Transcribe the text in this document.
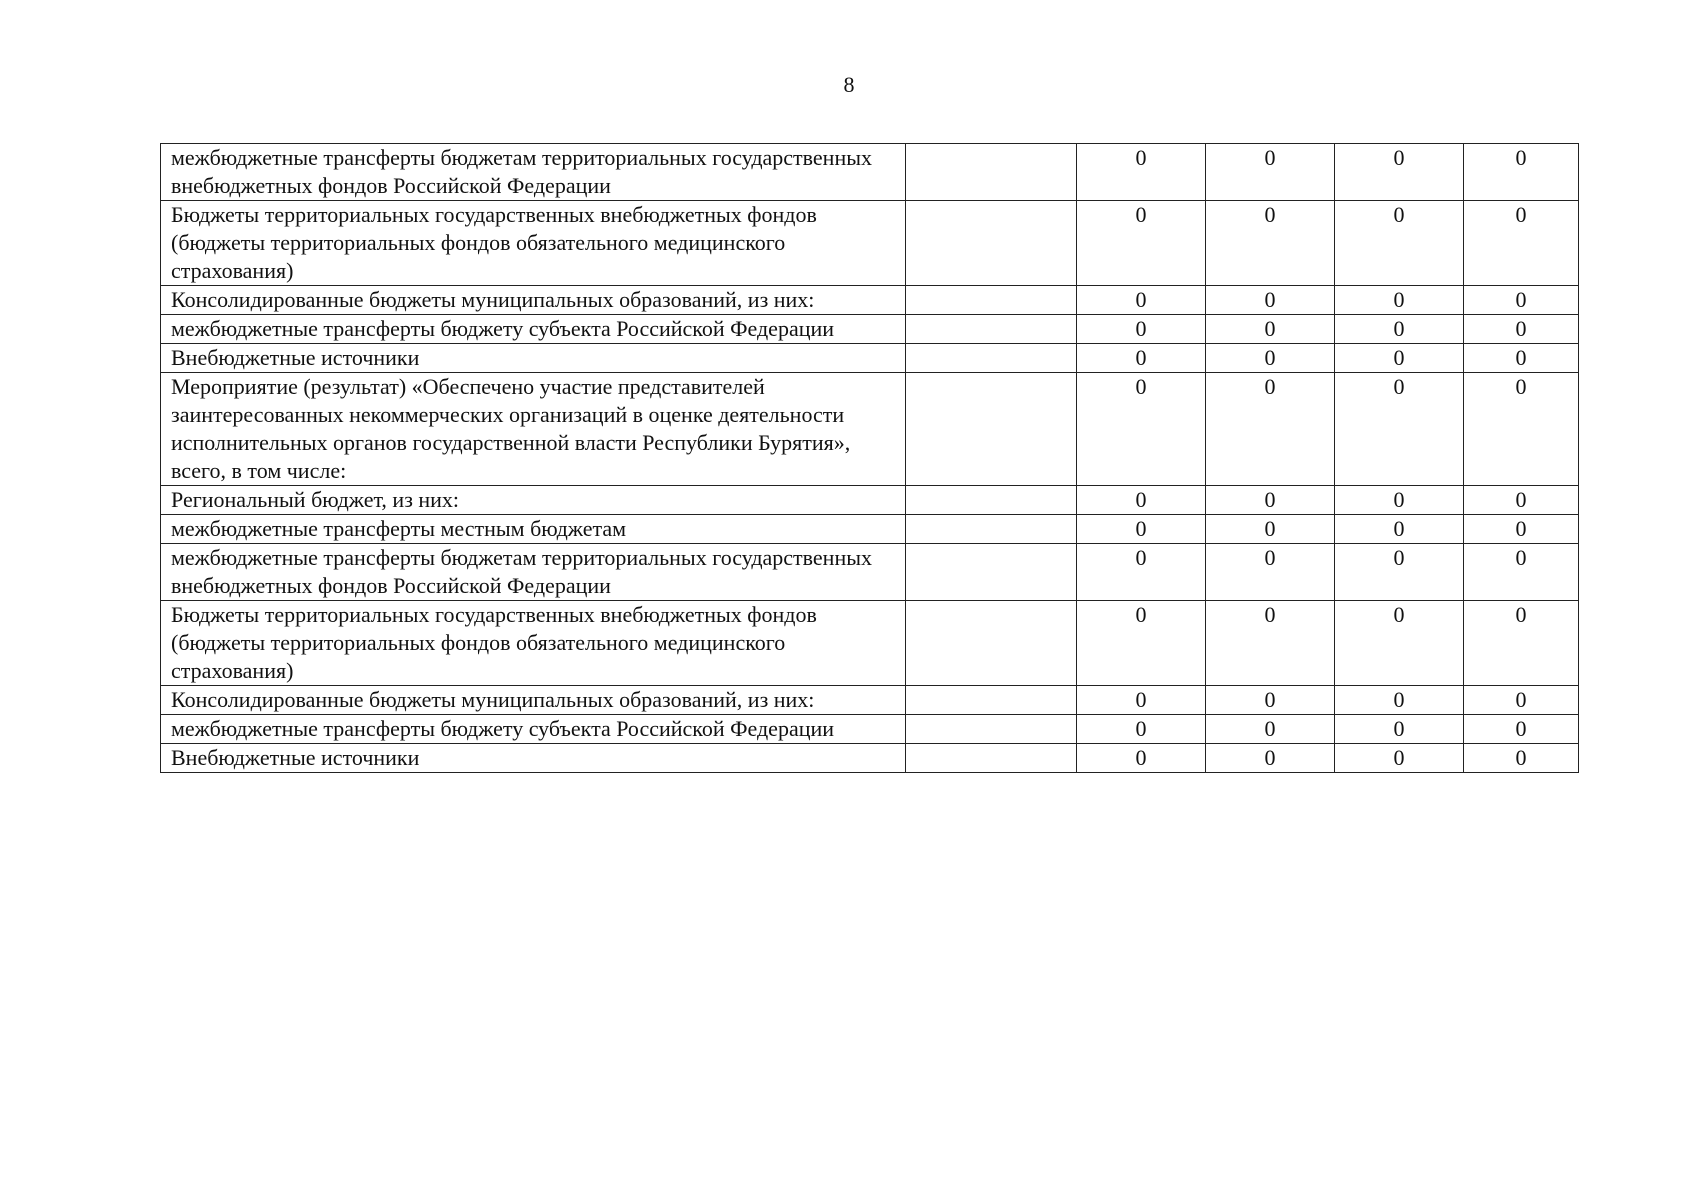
8
межбюджетные трансферты бюджетам территориальных государственных внебюджетных фондов Российской Федерации		0	0	0	0
Бюджеты территориальных государственных внебюджетных фондов (бюджеты территориальных фондов обязательного медицинского страхования)		0	0	0	0
Консолидированные бюджеты муниципальных образований, из них:		0	0	0	0
межбюджетные трансферты бюджету субъекта Российской Федерации		0	0	0	0
Внебюджетные источники		0	0	0	0
Мероприятие (результат) «Обеспечено участие представителей заинтересованных некоммерческих организаций в оценке деятельности исполнительных органов государственной власти Республики Бурятия», всего, в том числе:		0	0	0	0
Региональный бюджет, из них:		0	0	0	0
межбюджетные трансферты местным бюджетам		0	0	0	0
межбюджетные трансферты бюджетам территориальных государственных внебюджетных фондов Российской Федерации		0	0	0	0
Бюджеты территориальных государственных внебюджетных фондов (бюджеты территориальных фондов обязательного медицинского страхования)		0	0	0	0
Консолидированные бюджеты муниципальных образований, из них:		0	0	0	0
межбюджетные трансферты бюджету субъекта Российской Федерации		0	0	0	0
Внебюджетные источники		0	0	0	0
